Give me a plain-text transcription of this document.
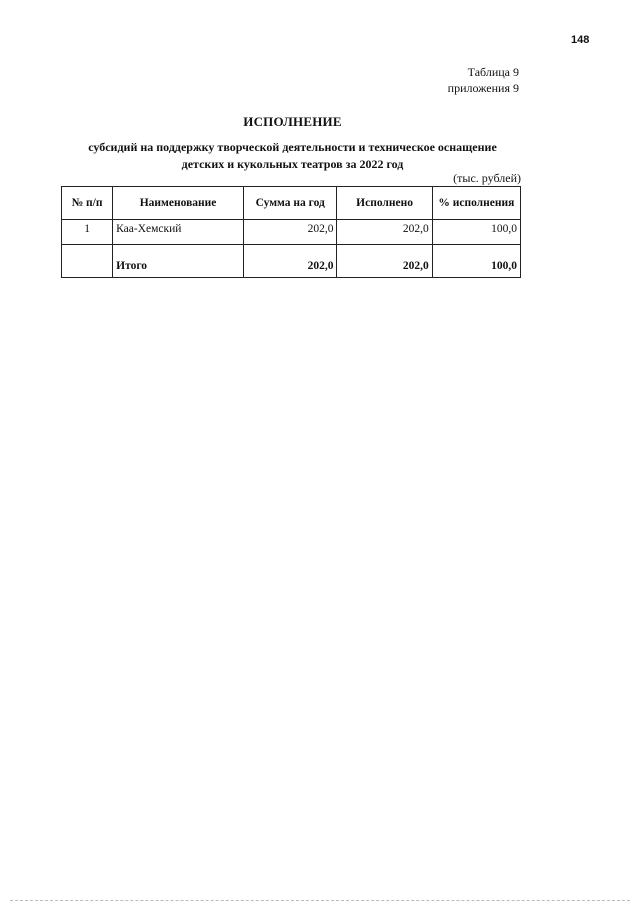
148
Таблица 9
приложения 9
ИСПОЛНЕНИЕ
субсидий на поддержку творческой деятельности и техническое оснащение
детских и кукольных театров за 2022 год
(тыс. рублей)
№ п/п	Наименование	Сумма на год	Исполнено	% исполнения
1	Каа-Хемский	202,0	202,0	100,0
	Итого	202,0	202,0	100,0
